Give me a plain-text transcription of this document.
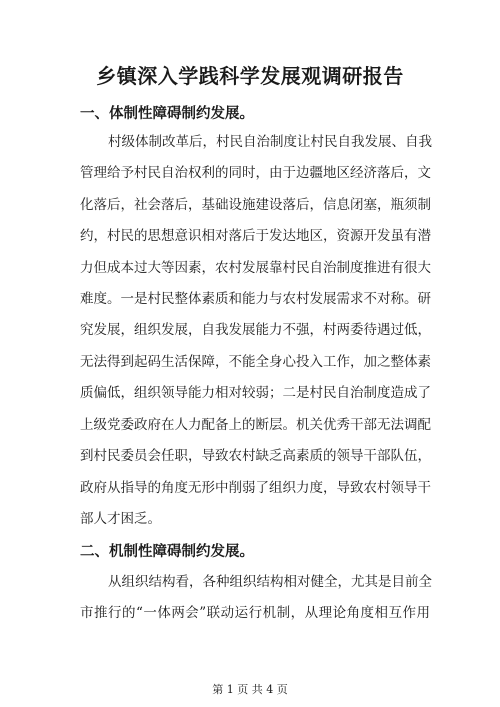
乡镇深入学践科学发展观调研报告
一、体制性障碍制约发展。
村级体制改革后，村民自治制度让村民自我发展、自我
管理给予村民自治权利的同时，由于边疆地区经济落后，文
化落后，社会落后，基础设施建设落后，信息闭塞，瓶须制
约，村民的思想意识相对落后于发达地区，资源开发虽有潜
力但成本过大等因素，农村发展靠村民自治制度推进有很大
难度。一是村民整体素质和能力与农村发展需求不对称。研
究发展，组织发展，自我发展能力不强，村两委待遇过低，
无法得到起码生活保障，不能全身心投入工作，加之整体素
质偏低，组织领导能力相对较弱；二是村民自治制度造成了
上级党委政府在人力配备上的断层。机关优秀干部无法调配
到村民委员会任职，导致农村缺乏高素质的领导干部队伍，
政府从指导的角度无形中削弱了组织力度，导致农村领导干
部人才困乏。
二、机制性障碍制约发展。
从组织结构看，各种组织结构相对健全，尤其是目前全
市推行的“一体两会”联动运行机制，从理论角度相互作用
第 1 页 共 4 页
